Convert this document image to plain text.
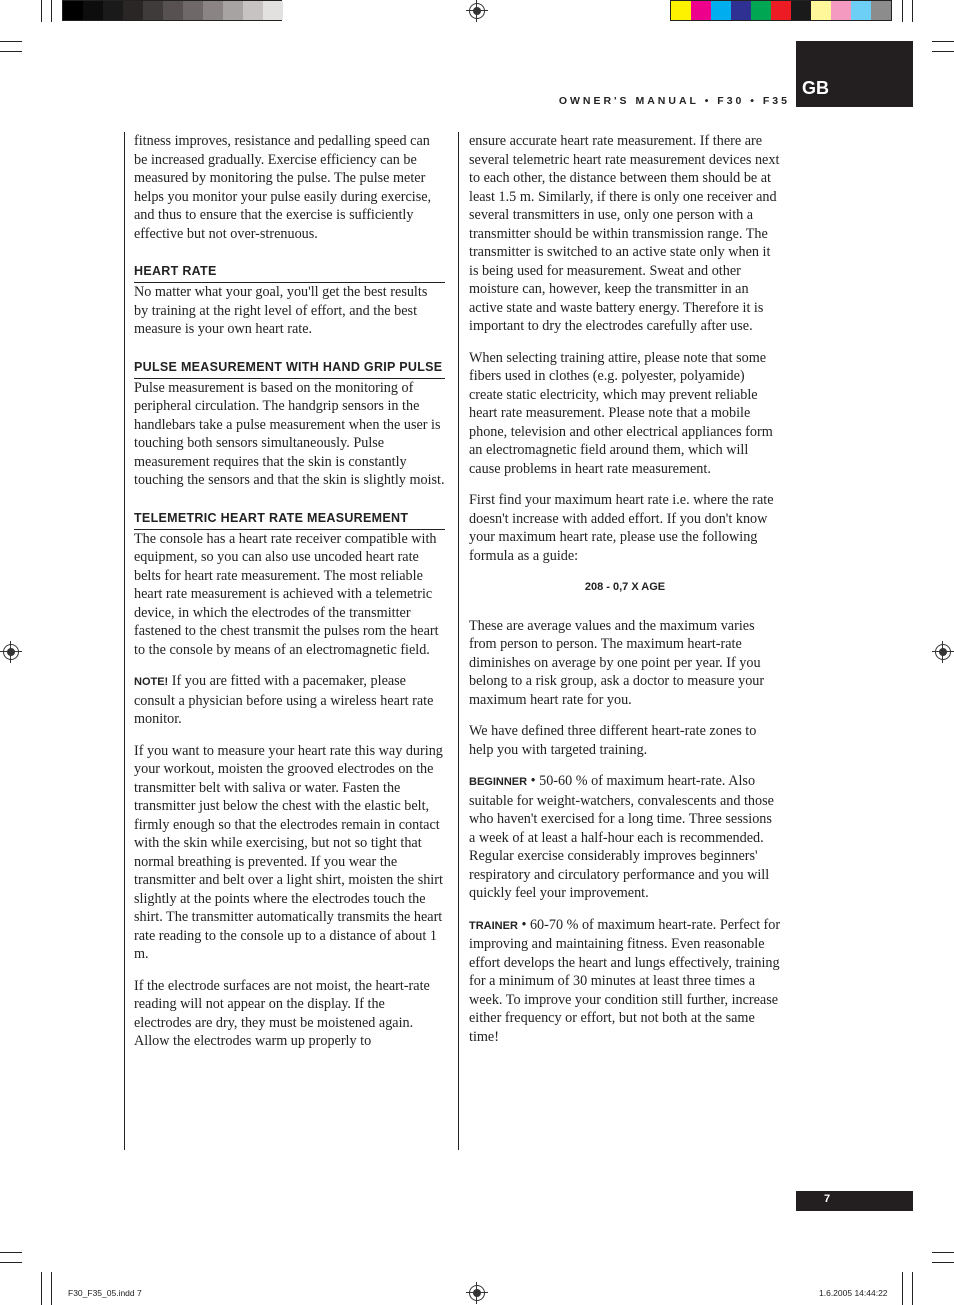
OWNER'S MANUAL • F30 • F35
GB

fitness improves, resistance and pedalling speed can be increased gradually. Exercise efficiency can be measured by monitoring the pulse. The pulse meter helps you monitor your pulse easily during exercise, and thus to ensure that the exercise is sufficiently effective but not over-strenuous.

HEART RATE

No matter what your goal, you'll get the best results by training at the right level of effort, and the best measure is your own heart rate.

PULSE MEASUREMENT WITH HAND GRIP PULSE

Pulse measurement is based on the monitoring of peripheral circulation. The handgrip sensors in the handlebars take a pulse measurement when the user is touching both sensors simultaneously. Pulse measurement requires that the skin is constantly touching the sensors and that the skin is slightly moist.

TELEMETRIC HEART RATE MEASUREMENT

The console has a heart rate receiver compatible with equipment, so you can also use uncoded heart rate belts for heart rate measurement. The most reliable heart rate measurement is achieved with a telemetric device, in which the electrodes of the transmitter fastened to the chest transmit the pulses rom the heart to the console by means of an electromagnetic field.

NOTE! If you are fitted with a pacemaker, please consult a physician before using a wireless heart rate monitor.

If you want to measure your heart rate this way during your workout, moisten the grooved electrodes on the transmitter belt with saliva or water. Fasten the transmitter just below the chest with the elastic belt, firmly enough so that the electrodes remain in contact with the skin while exercising, but not so tight that normal breathing is prevented. If you wear the transmitter and belt over a light shirt, moisten the shirt slightly at the points where the electrodes touch the shirt. The transmitter automatically transmits the heart rate reading to the console up to a distance of about 1 m.

If the electrode surfaces are not moist, the heart-rate reading will not appear on the display. If the electrodes are dry, they must be moistened again. Allow the electrodes warm up properly to

ensure accurate heart rate measurement. If there are several telemetric heart rate measurement devices next to each other, the distance between them should be at least 1.5 m. Similarly, if there is only one receiver and several transmitters in use, only one person with a transmitter should be within transmission range. The transmitter is switched to an active state only when it is being used for measurement. Sweat and other moisture can, however, keep the transmitter in an active state and waste battery energy. Therefore it is important to dry the electrodes carefully after use.

When selecting training attire, please note that some fibers used in clothes (e.g. polyester, polyamide) create static electricity, which may prevent reliable heart rate measurement. Please note that a mobile phone, television and other electrical appliances form an electromagnetic field around them, which will cause problems in heart rate measurement.

First find your maximum heart rate i.e. where the rate doesn't increase with added effort. If you don't know your maximum heart rate, please use the following formula as a guide:

208 - 0,7 X AGE

These are average values and the maximum varies from person to person. The maximum heart-rate diminishes on average by one point per year. If you belong to a risk group, ask a doctor to measure your maximum heart rate for you.

We have defined three different heart-rate zones to help you with targeted training.

BEGINNER • 50-60 % of maximum heart-rate. Also suitable for weight-watchers, convalescents and those who haven't exercised for a long time. Three sessions a week of at least a half-hour each is recommended. Regular exercise considerably improves beginners' respiratory and circulatory performance and you will quickly feel your improvement.

TRAINER • 60-70 % of maximum heart-rate. Perfect for improving and maintaining fitness. Even reasonable effort develops the heart and lungs effectively, training for a minimum of 30 minutes at least three times a week. To improve your condition still further, increase either frequency or effort, but not both at the same time!

7
F30_F35_05.indd 7	1.6.2005 14:44:22
